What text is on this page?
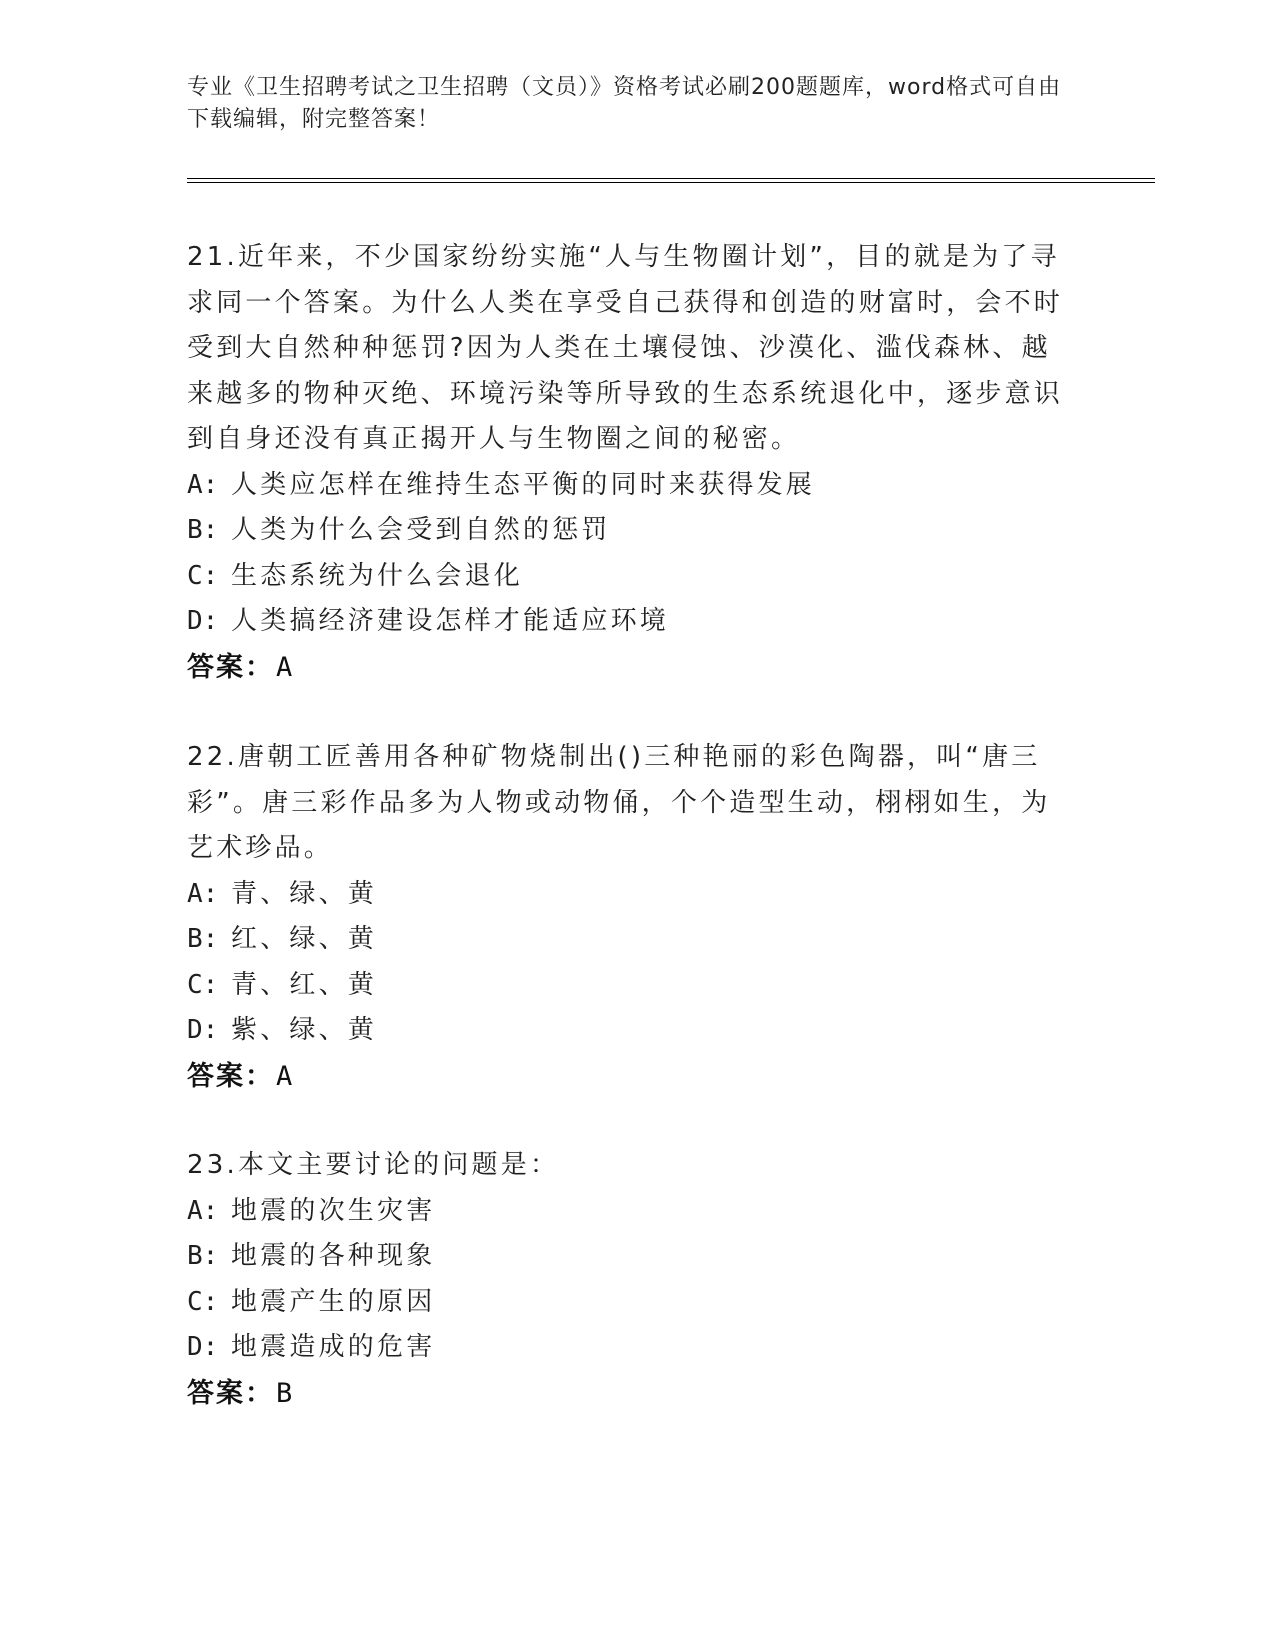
专业《卫生招聘考试之卫生招聘（文员）》资格考试必刷200题题库，word格式可自由下载编辑，附完整答案！

21.近年来，不少国家纷纷实施“人与生物圈计划”，目的就是为了寻求同一个答案。为什么人类在享受自己获得和创造的财富时，会不时受到大自然种种惩罚?因为人类在土壤侵蚀、沙漠化、滥伐森林、越来越多的物种灭绝、环境污染等所导致的生态系统退化中，逐步意识到自身还没有真正揭开人与生物圈之间的秘密。

A: 人类应怎样在维持生态平衡的同时来获得发展
B: 人类为什么会受到自然的惩罚
C: 生态系统为什么会退化
D: 人类搞经济建设怎样才能适应环境
答案：A

22.唐朝工匠善用各种矿物烧制出()三种艳丽的彩色陶器，叫“唐三彩”。唐三彩作品多为人物或动物俑，个个造型生动，栩栩如生，为艺术珍品。

A: 青、绿、黄
B: 红、绿、黄
C: 青、红、黄
D: 紫、绿、黄
答案：A

23.本文主要讨论的问题是：

A: 地震的次生灾害
B: 地震的各种现象
C: 地震产生的原因
D: 地震造成的危害
答案：B
